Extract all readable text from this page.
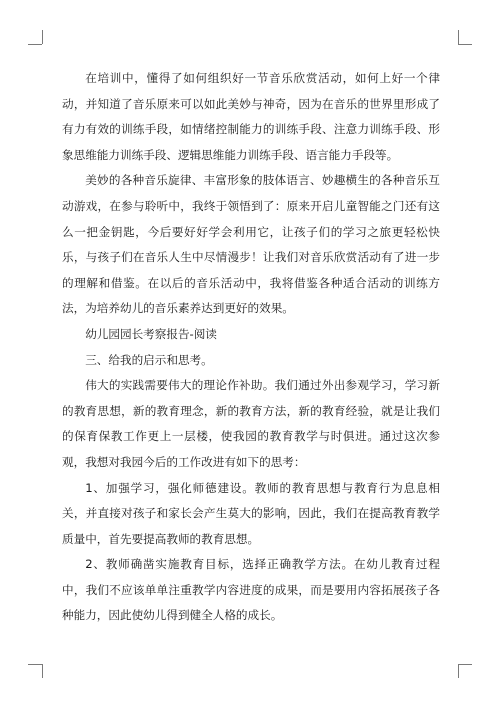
在培训中，懂得了如何组织好一节音乐欣赏活动，如何上好一个律动，并知道了音乐原来可以如此美妙与神奇，因为在音乐的世界里形成了有力有效的训练手段，如情绪控制能力的训练手段、注意力训练手段、形象思维能力训练手段、逻辑思维能力训练手段、语言能力手段等。

美妙的各种音乐旋律、丰富形象的肢体语言、妙趣横生的各种音乐互动游戏，在参与聆听中，我终于领悟到了：原来开启儿童智能之门还有这么一把金钥匙，今后要好好学会利用它，让孩子们的学习之旅更轻松快乐，与孩子们在音乐人生中尽情漫步！让我们对音乐欣赏活动有了进一步的理解和借鉴。在以后的音乐活动中，我将借鉴各种适合活动的训练方法，为培养幼儿的音乐素养达到更好的效果。

幼儿园园长考察报告-阅读

三、给我的启示和思考。

伟大的实践需要伟大的理论作补助。我们通过外出参观学习，学习新的教育思想，新的教育理念，新的教育方法，新的教育经验，就是让我们的保育保教工作更上一层楼，使我园的教育教学与时俱进。通过这次参观，我想对我园今后的工作改进有如下的思考：

1、加强学习，强化师德建设。教师的教育思想与教育行为息息相关，并直接对孩子和家长会产生莫大的影响，因此，我们在提高教育教学质量中，首先要提高教师的教育思想。

2、教师确凿实施教育目标，选择正确教学方法。在幼儿教育过程中，我们不应该单单注重教学内容进度的成果，而是要用内容拓展孩子各种能力，因此使幼儿得到健全人格的成长。
